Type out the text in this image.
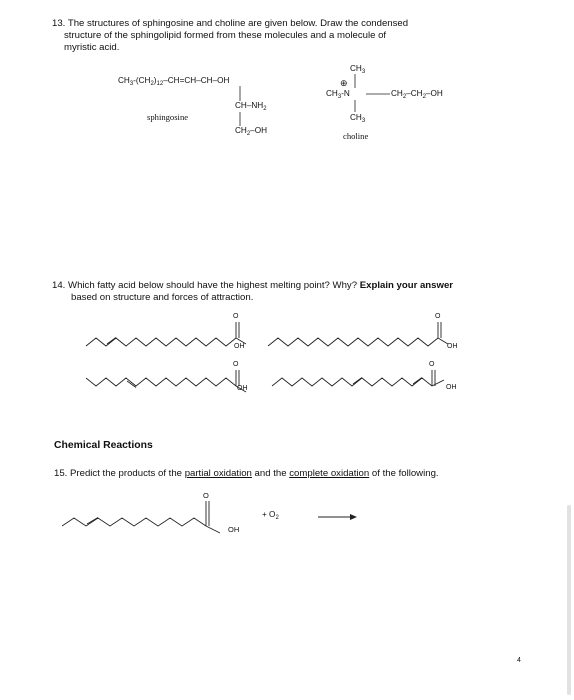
13. The structures of sphingosine and choline are given below. Draw the condensed
structure of the sphingolipid formed from these molecules and a molecule of
myristic acid.
$CH_3-(CH_2)_{12}-CH=CH-CH-OH$
$CH-NH_2$
$CH_2-OH$
sphingosine
$CH_3$
⊕
$CH_3-N$	$CH_2-CH_2-OH$
$CH_3$
choline
14. Which fatty acid below should have the highest melting point? Why? Explain your answer
based on structure and forces of attraction.
O
OH
O
OH
O
OH
O
OH
Chemical Reactions
15. Predict the products of the partial oxidation and the complete oxidation of the following.
O
OH
+ $O_2$
4
